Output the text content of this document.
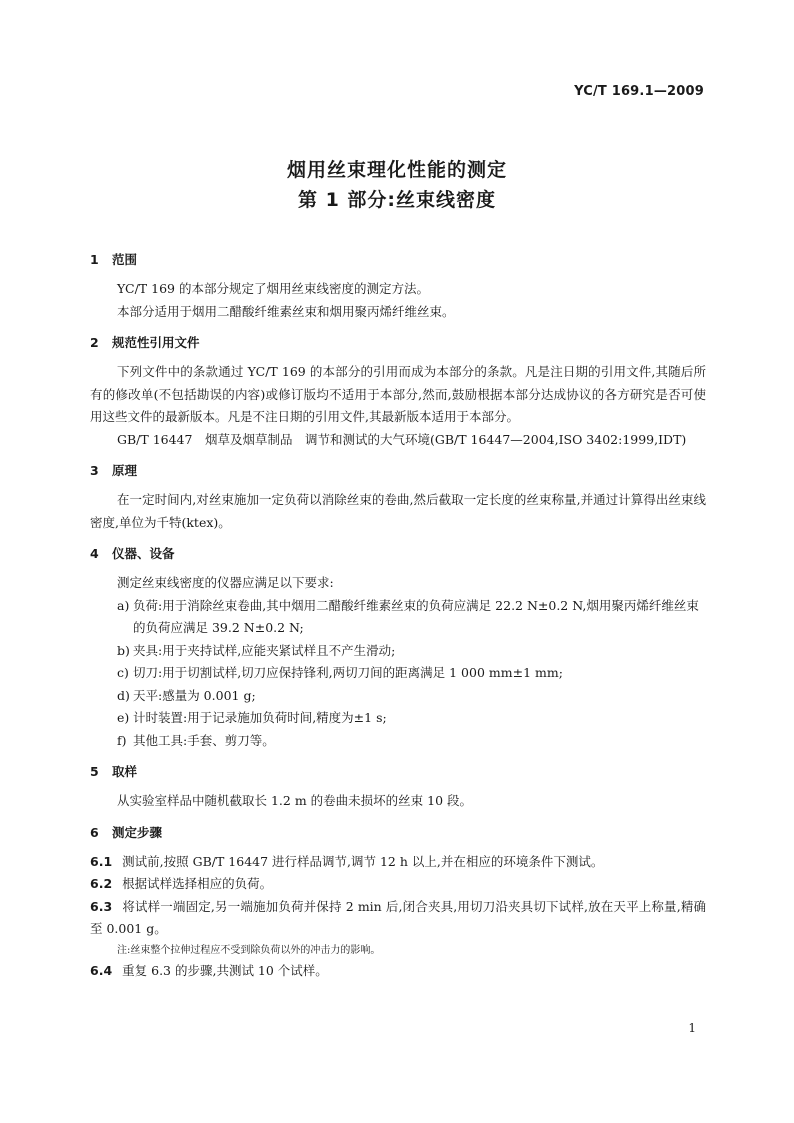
YC/T 169.1—2009
烟用丝束理化性能的测定
第 1 部分:丝束线密度
1 范围

YC/T 169 的本部分规定了烟用丝束线密度的测定方法。

本部分适用于烟用二醋酸纤维素丝束和烟用聚丙烯纤维丝束。

2 规范性引用文件

下列文件中的条款通过 YC/T 169 的本部分的引用而成为本部分的条款。凡是注日期的引用文件,其随后所有的修改单(不包括勘误的内容)或修订版均不适用于本部分,然而,鼓励根据本部分达成协议的各方研究是否可使用这些文件的最新版本。凡是不注日期的引用文件,其最新版本适用于本部分。

GB/T 16447　烟草及烟草制品　调节和测试的大气环境(GB/T 16447—2004,ISO 3402:1999,IDT)

3 原理

在一定时间内,对丝束施加一定负荷以消除丝束的卷曲,然后截取一定长度的丝束称量,并通过计算得出丝束线密度,单位为千特(ktex)。

4 仪器、设备

测定丝束线密度的仪器应满足以下要求:

a) 负荷:用于消除丝束卷曲,其中烟用二醋酸纤维素丝束的负荷应满足 22.2 N±0.2 N,烟用聚丙烯纤维丝束的负荷应满足 39.2 N±0.2 N;
b) 夹具:用于夹持试样,应能夹紧试样且不产生滑动;
c) 切刀:用于切割试样,切刀应保持锋利,两切刀间的距离满足 1 000 mm±1 mm;
d) 天平:感量为 0.001 g;
e) 计时装置:用于记录施加负荷时间,精度为±1 s;
f) 其他工具:手套、剪刀等。
5 取样

从实验室样品中随机截取长 1.2 m 的卷曲未损坏的丝束 10 段。

6 测定步骤

6.1 测试前,按照 GB/T 16447 进行样品调节,调节 12 h 以上,并在相应的环境条件下测试。

6.2 根据试样选择相应的负荷。

6.3 将试样一端固定,另一端施加负荷并保持 2 min 后,闭合夹具,用切刀沿夹具切下试样,放在天平上称量,精确至 0.001 g。

注:丝束整个拉伸过程应不受到除负荷以外的冲击力的影响。

6.4 重复 6.3 的步骤,共测试 10 个试样。

1
